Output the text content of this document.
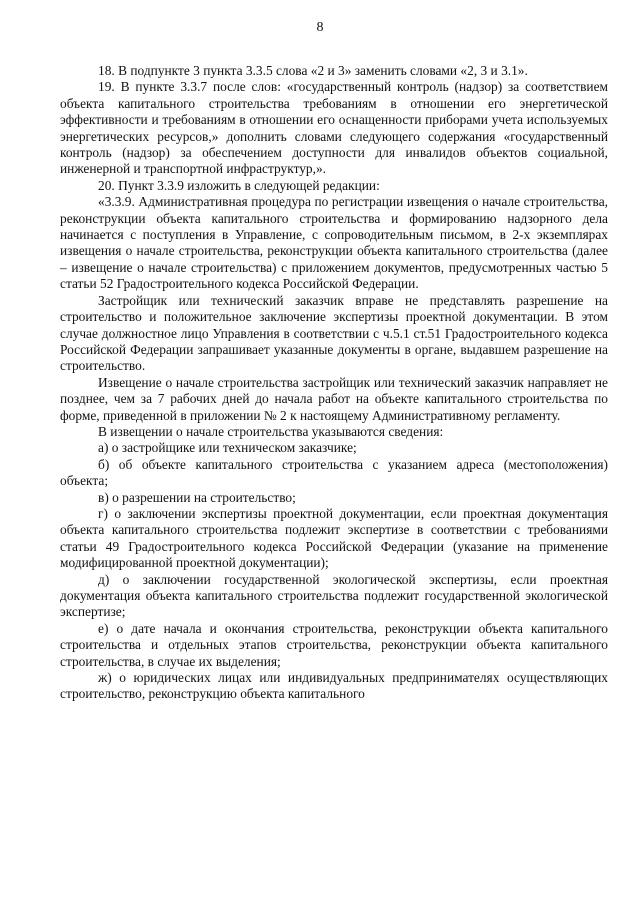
8

18. В подпункте 3 пункта 3.3.5 слова «2 и 3» заменить словами «2, 3 и 3.1».

19. В пункте 3.3.7 после слов: «государственный контроль (надзор) за соответствием объекта капитального строительства требованиям в отношении его энергетической эффективности и требованиям в отношении его оснащенности приборами учета используемых энергетических ресурсов,» дополнить словами следующего содержания «государственный контроль (надзор) за обеспечением доступности для инвалидов объектов социальной, инженерной и транспортной инфраструктур,».

20. Пункт 3.3.9 изложить в следующей редакции:

«3.3.9. Административная процедура по регистрации извещения о начале строительства, реконструкции объекта капитального строительства и формированию надзорного дела начинается с поступления в Управление, с сопроводительным письмом, в 2-х экземплярах извещения о начале строительства, реконструкции объекта капитального строительства (далее – извещение о начале строительства) с приложением документов, предусмотренных частью 5 статьи 52 Градостроительного кодекса Российской Федерации.

Застройщик или технический заказчик вправе не представлять разрешение на строительство и положительное заключение экспертизы проектной документации. В этом случае должностное лицо Управления в соответствии с ч.5.1 ст.51 Градостроительного кодекса Российской Федерации запрашивает указанные документы в органе, выдавшем разрешение на строительство.

Извещение о начале строительства застройщик или технический заказчик направляет не позднее, чем за 7 рабочих дней до начала работ на объекте капитального строительства по форме, приведенной в приложении № 2 к настоящему Административному регламенту.

В извещении о начале строительства указываются сведения:

а) о застройщике или техническом заказчике;

б) об объекте капитального строительства с указанием адреса (местоположения) объекта;

в) о разрешении на строительство;

г) о заключении экспертизы проектной документации, если проектная документация объекта капитального строительства подлежит экспертизе в соответствии с требованиями статьи 49 Градостроительного кодекса Российской Федерации (указание на применение модифицированной проектной документации);

д) о заключении государственной экологической экспертизы, если проектная документация объекта капитального строительства подлежит государственной экологической экспертизе;

е) о дате начала и окончания строительства, реконструкции объекта капитального строительства и отдельных этапов строительства, реконструкции объекта капитального строительства, в случае их выделения;

ж) о юридических лицах или индивидуальных предпринимателях осуществляющих строительство, реконструкцию объекта капитального
